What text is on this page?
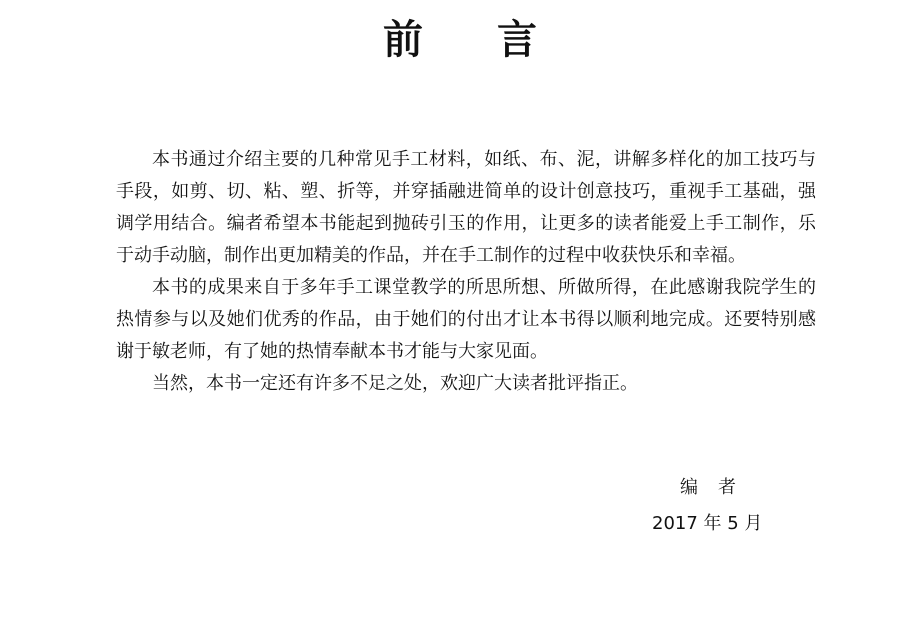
前 言

本书通过介绍主要的几种常见手工材料，如纸、布、泥，讲解多样化的加工技巧与手段，如剪、切、粘、塑、折等，并穿插融进简单的设计创意技巧，重视手工基础，强调学用结合。编者希望本书能起到抛砖引玉的作用，让更多的读者能爱上手工制作，乐于动手动脑，制作出更加精美的作品，并在手工制作的过程中收获快乐和幸福。

本书的成果来自于多年手工课堂教学的所思所想、所做所得，在此感谢我院学生的热情参与以及她们优秀的作品，由于她们的付出才让本书得以顺利地完成。还要特别感谢于敏老师，有了她的热情奉献本书才能与大家见面。

当然，本书一定还有许多不足之处，欢迎广大读者批评指正。

编者
2017 年 5 月
